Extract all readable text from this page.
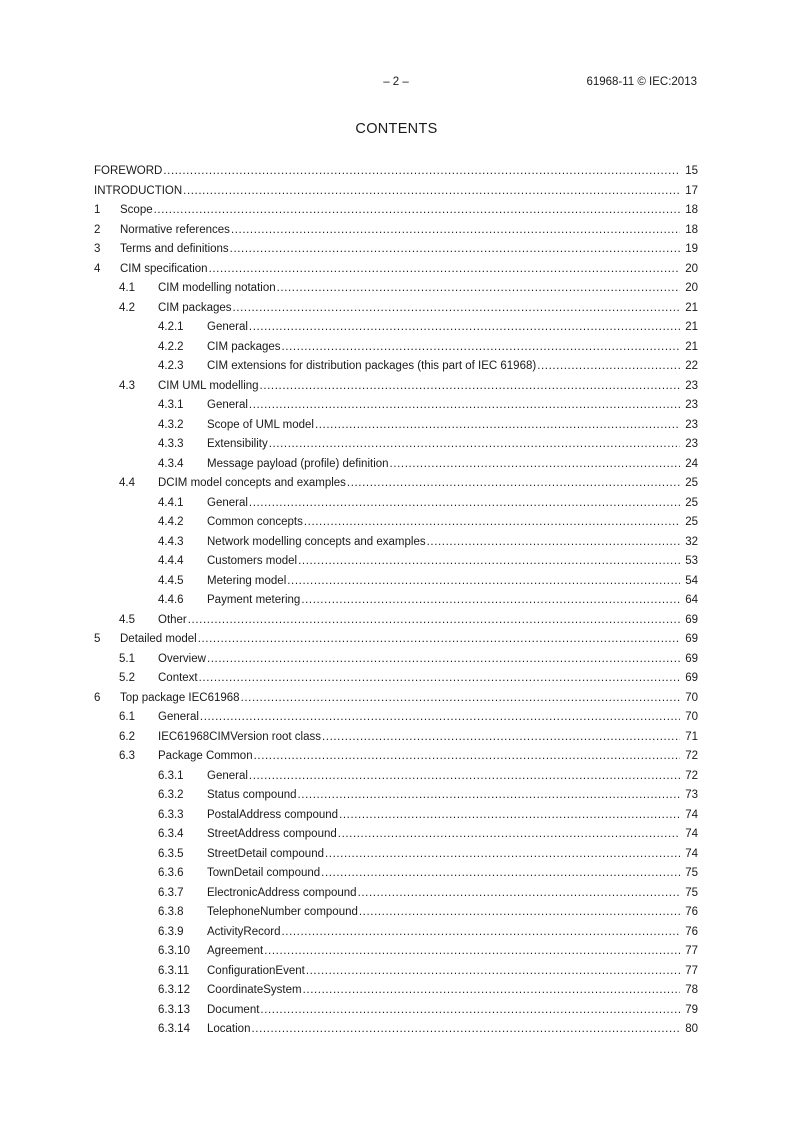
– 2 –	61968-11 © IEC:2013
CONTENTS
FOREWORD .....	15
INTRODUCTION .....	17
1 Scope .....	18
2 Normative references .....	18
3 Terms and definitions .....	19
4 CIM specification .....	20
4.1 CIM modelling notation .....	20
4.2 CIM packages .....	21
4.2.1 General .....	21
4.2.2 CIM packages .....	21
4.2.3 CIM extensions for distribution packages (this part of IEC 61968) .....	22
4.3 CIM UML modelling .....	23
4.3.1 General .....	23
4.3.2 Scope of UML model .....	23
4.3.3 Extensibility .....	23
4.3.4 Message payload (profile) definition .....	24
4.4 DCIM model concepts and examples .....	25
4.4.1 General .....	25
4.4.2 Common concepts .....	25
4.4.3 Network modelling concepts and examples .....	32
4.4.4 Customers model .....	53
4.4.5 Metering model .....	54
4.4.6 Payment metering .....	64
4.5 Other .....	69
5 Detailed model .....	69
5.1 Overview .....	69
5.2 Context .....	69
6 Top package IEC61968 .....	70
6.1 General .....	70
6.2 IEC61968CIMVersion root class .....	71
6.3 Package Common .....	72
6.3.1 General .....	72
6.3.2 Status compound .....	73
6.3.3 PostalAddress compound .....	74
6.3.4 StreetAddress compound .....	74
6.3.5 StreetDetail compound .....	74
6.3.6 TownDetail compound .....	75
6.3.7 ElectronicAddress compound .....	75
6.3.8 TelephoneNumber compound .....	76
6.3.9 ActivityRecord .....	76
6.3.10 Agreement .....	77
6.3.11 ConfigurationEvent .....	77
6.3.12 CoordinateSystem .....	78
6.3.13 Document .....	79
6.3.14 Location .....	80
